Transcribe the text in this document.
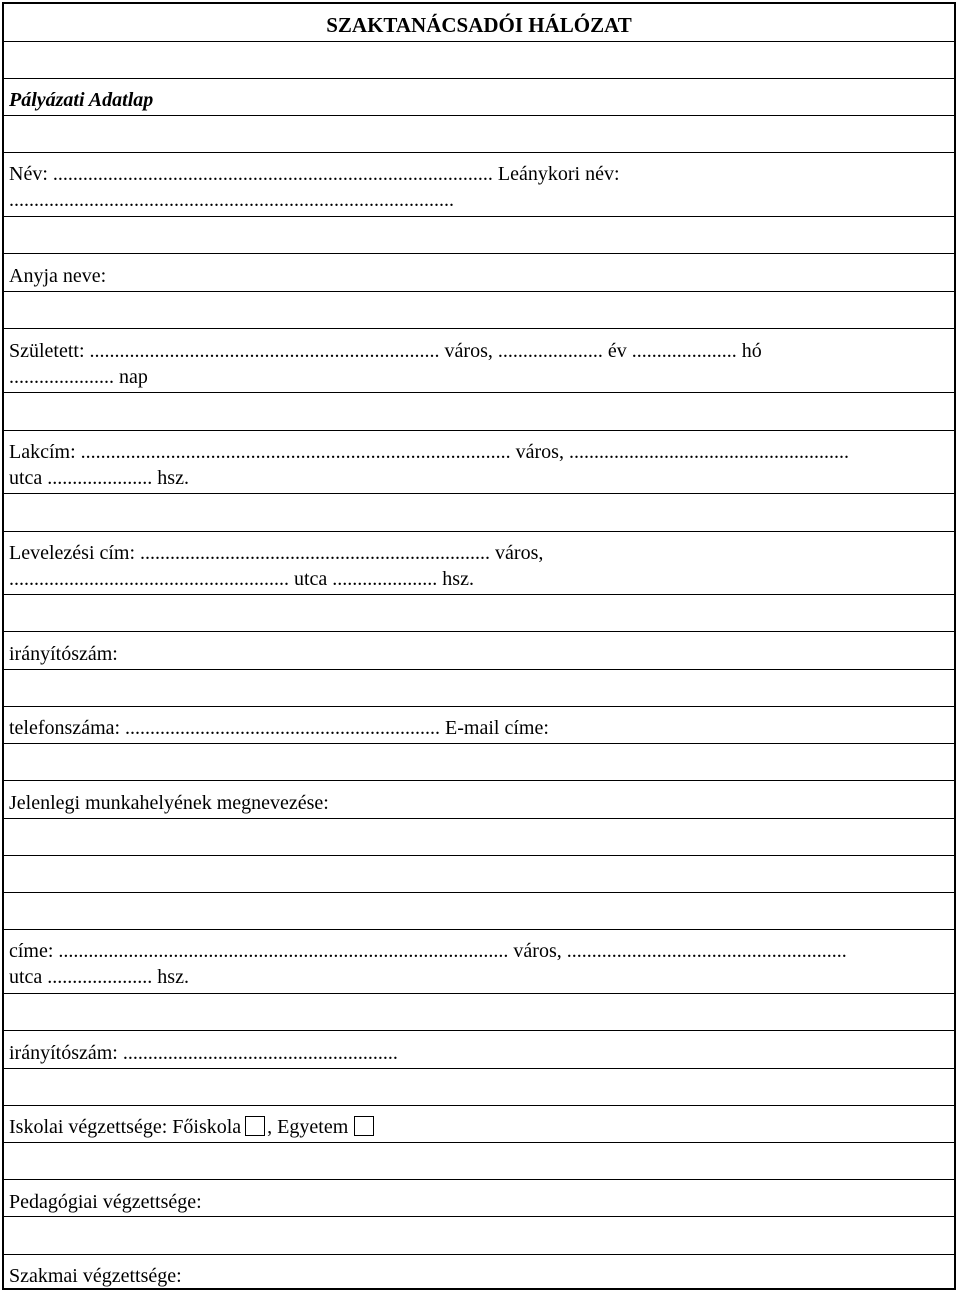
SZAKTANÁCSADÓI HÁLÓZAT
Pályázati Adatlap
Név: ........................................................................................ Leánykori név:
.........................................................................................
Anyja neve:
Született: ...................................................................... város, ..................... év ..................... hó
..................... nap
Lakcím: ...................................................................................... város, ........................................................
utca ..................... hsz.
Levelezési cím: ...................................................................... város,
........................................................ utca ..................... hsz.
irányítószám:
telefonszáma: ............................................................... E-mail címe:
Jelenlegi munkahelyének megnevezése:
címe: .......................................................................................... város, ........................................................
utca ..................... hsz.
irányítószám: .......................................................
Iskolai végzettsége: Főiskola , Egyetem
Pedagógiai végzettsége:
Szakmai végzettsége:
